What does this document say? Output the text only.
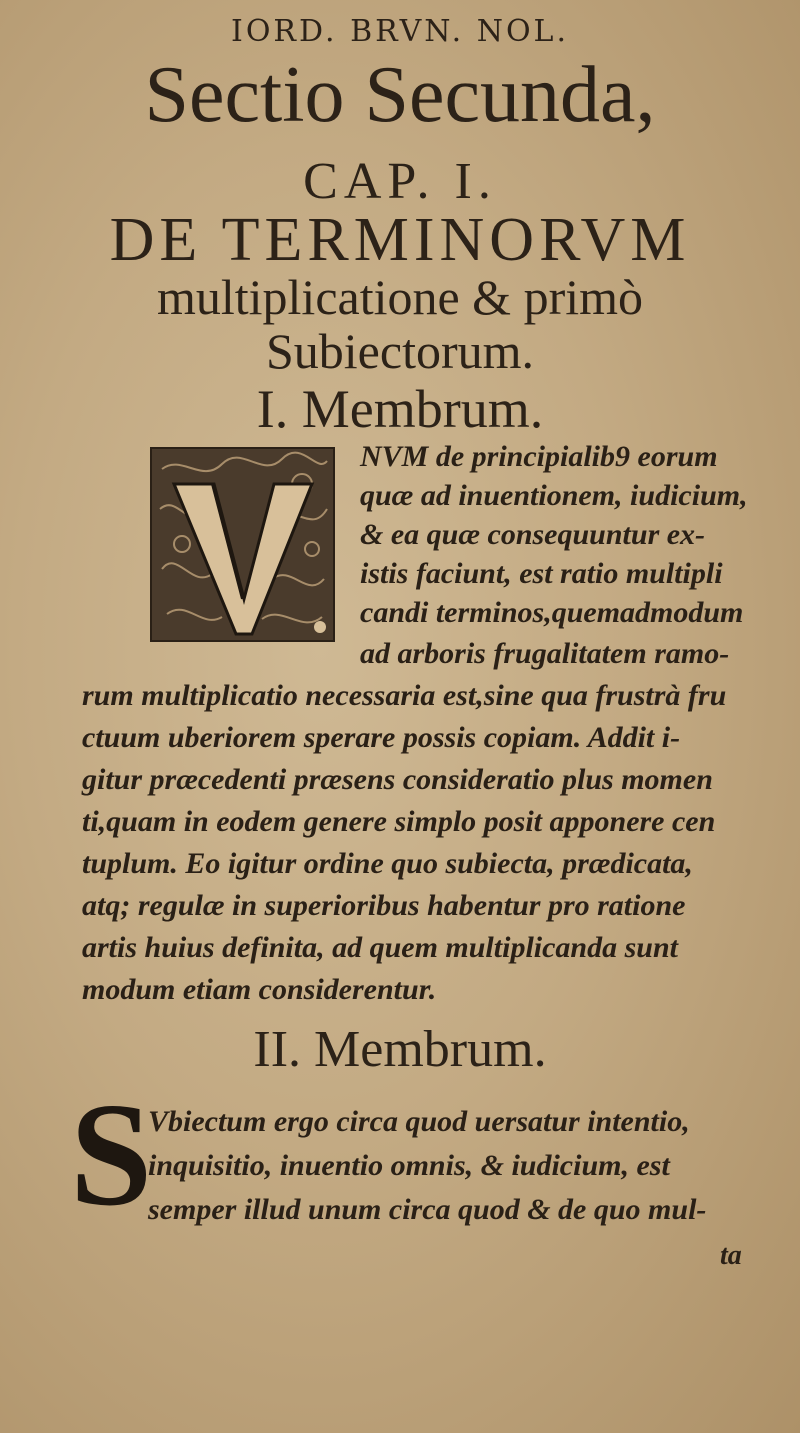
IORD. BRVN. NOL.
Sectio Secunda,
CAP. I.
DE TERMINORVM
multiplicatione & primò
Subiectorum.
I. Membrum.
NVM de principialib9 eorum
quæ ad inuentionem, iudicium,
& ea quæ consequuntur ex-
istis faciunt, est ratio multipli
candi terminos,quemadmodum
ad arboris frugalitatem ramo-
rum multiplicatio necessaria est,sine qua frustrà fru
ctuum uberiorem sperare possis copiam. Addit i-
gitur præcedenti præsens consideratio plus momen
ti,quam in eodem genere simplo posit apponere cen
tuplum. Eo igitur ordine quo subiecta, prædicata,
atq; regulæ in superioribus habentur pro ratione
artis huius definita, ad quem multiplicanda sunt
modum etiam considerentur.
II. Membrum.
S
Vbiectum ergo circa quod uersatur intentio,
inquisitio, inuentio omnis, & iudicium, est
semper illud unum circa quod & de quo mul-
ta
